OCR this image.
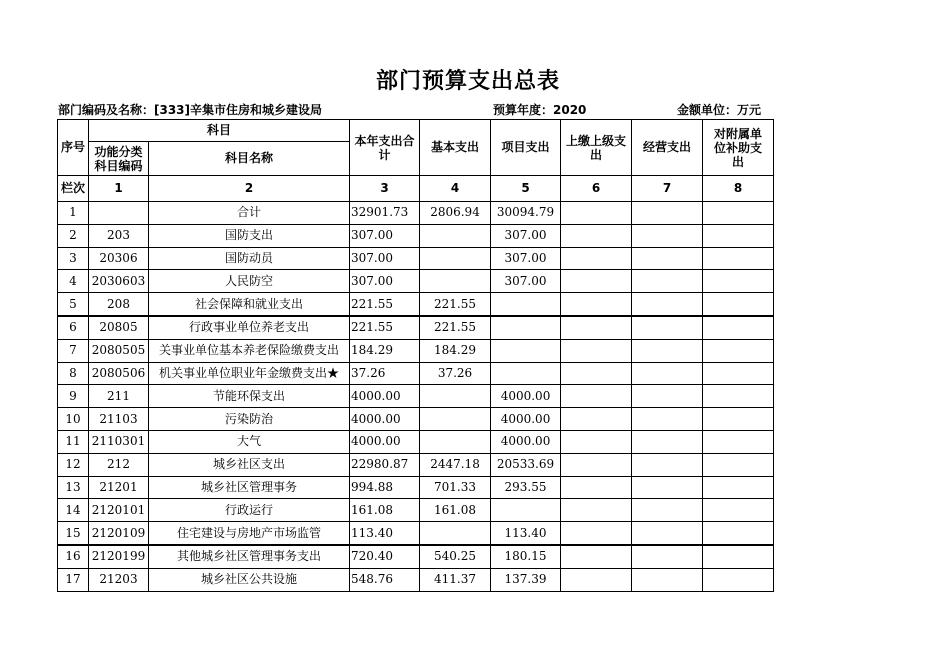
部门预算支出总表
部门编码及名称：[333]辛集市住房和城乡建设局	预算年度：2020	金额单位：万元
序号	科目		本年支出合计	基本支出	项目支出	上缴上级支出	经营支出	对附属单位补助支出
	功能分类科目编码	科目名称						
栏次	1	2	3	4	5	6	7	8
1		合计	32901.73	2806.94	30094.79			
2	203	国防支出	307.00		307.00			
3	20306	国防动员	307.00		307.00			
4	2030603	人民防空	307.00		307.00			
5	208	社会保障和就业支出	221.55	221.55				
6	20805	行政事业单位养老支出	221.55	221.55				
7	2080505	关事业单位基本养老保险缴费支出	184.29	184.29				
8	2080506	机关事业单位职业年金缴费支出★	37.26	37.26				
9	211	节能环保支出	4000.00		4000.00			
10	21103	污染防治	4000.00		4000.00			
11	2110301	大气	4000.00		4000.00			
12	212	城乡社区支出	22980.87	2447.18	20533.69			
13	21201	城乡社区管理事务	994.88	701.33	293.55			
14	2120101	行政运行	161.08	161.08				
15	2120109	住宅建设与房地产市场监管	113.40		113.40			
16	2120199	其他城乡社区管理事务支出	720.40	540.25	180.15			
17	21203	城乡社区公共设施	548.76	411.37	137.39			
